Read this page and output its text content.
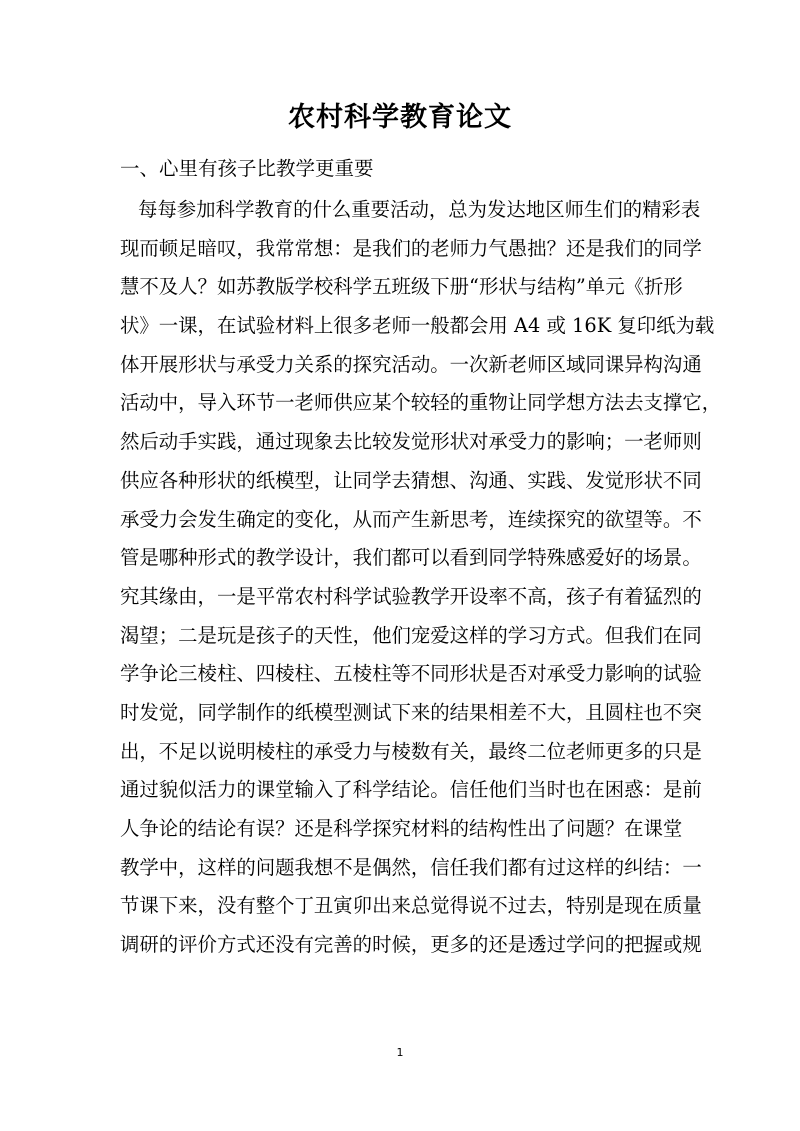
农村科学教育论文
一、心里有孩子比教学更重要
每每参加科学教育的什么重要活动，总为发达地区师生们的精彩表
现而顿足暗叹，我常常想：是我们的老师力气愚拙？还是我们的同学
慧不及人？如苏教版学校科学五班级下册“形状与结构”单元《折形
状》一课，在试验材料上很多老师一般都会用 A4 或 16K 复印纸为载
体开展形状与承受力关系的探究活动。一次新老师区域同课异构沟通
活动中，导入环节一老师供应某个较轻的重物让同学想方法去支撑它，
然后动手实践，通过现象去比较发觉形状对承受力的影响；一老师则
供应各种形状的纸模型，让同学去猜想、沟通、实践、发觉形状不同
承受力会发生确定的变化，从而产生新思考，连续探究的欲望等。不
管是哪种形式的教学设计，我们都可以看到同学特殊感爱好的场景。
究其缘由，一是平常农村科学试验教学开设率不高，孩子有着猛烈的
渴望；二是玩是孩子的天性，他们宠爱这样的学习方式。但我们在同
学争论三棱柱、四棱柱、五棱柱等不同形状是否对承受力影响的试验
时发觉，同学制作的纸模型测试下来的结果相差不大，且圆柱也不突
出，不足以说明棱柱的承受力与棱数有关，最终二位老师更多的只是
通过貌似活力的课堂输入了科学结论。信任他们当时也在困惑：是前
人争论的结论有误？还是科学探究材料的结构性出了问题？在课堂
教学中，这样的问题我想不是偶然，信任我们都有过这样的纠结：一
节课下来，没有整个丁丑寅卯出来总觉得说不过去，特别是现在质量
调研的评价方式还没有完善的时候，更多的还是透过学问的把握或规
1
